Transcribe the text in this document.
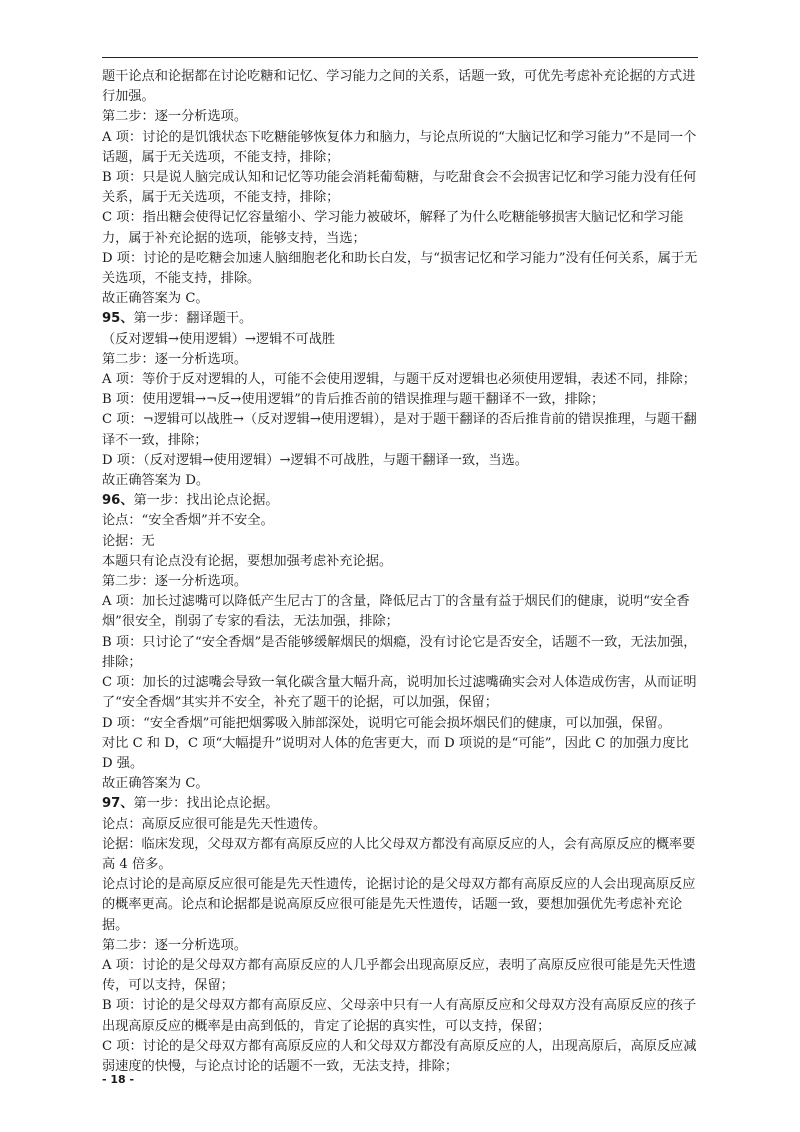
题干论点和论据都在讨论吃糖和记忆、学习能力之间的关系，话题一致，可优先考虑补充论据的方式进行加强。

第二步：逐一分析选项。

A 项：讨论的是饥饿状态下吃糖能够恢复体力和脑力，与论点所说的“大脑记忆和学习能力”不是同一个话题，属于无关选项，不能支持，排除；

B 项：只是说人脑完成认知和记忆等功能会消耗葡萄糖，与吃甜食会不会损害记忆和学习能力没有任何关系，属于无关选项，不能支持，排除；

C 项：指出糖会使得记忆容量缩小、学习能力被破坏，解释了为什么吃糖能够损害大脑记忆和学习能力，属于补充论据的选项，能够支持，当选；

D 项：讨论的是吃糖会加速人脑细胞老化和助长白发，与“损害记忆和学习能力”没有任何关系，属于无关选项，不能支持，排除。

故正确答案为 C。

95、第一步：翻译题干。

（反对逻辑→使用逻辑）→逻辑不可战胜

第二步：逐一分析选项。

A 项：等价于反对逻辑的人，可能不会使用逻辑，与题干反对逻辑也必须使用逻辑，表述不同，排除；

B 项：使用逻辑→¬反→使用逻辑”的肯后推否前的错误推理与题干翻译不一致，排除；

C 项：¬逻辑可以战胜→（反对逻辑→使用逻辑），是对于题干翻译的否后推肯前的错误推理，与题干翻译不一致，排除；

D 项：（反对逻辑→使用逻辑）→逻辑不可战胜，与题干翻译一致，当选。

故正确答案为 D。

96、第一步：找出论点论据。

论点：“安全香烟”并不安全。

论据：无

本题只有论点没有论据，要想加强考虑补充论据。

第二步：逐一分析选项。

A 项：加长过滤嘴可以降低产生尼古丁的含量，降低尼古丁的含量有益于烟民们的健康，说明“安全香烟”很安全，削弱了专家的看法，无法加强，排除；

B 项：只讨论了“安全香烟”是否能够缓解烟民的烟瘾，没有讨论它是否安全，话题不一致，无法加强，排除；

C 项：加长的过滤嘴会导致一氧化碳含量大幅升高，说明加长过滤嘴确实会对人体造成伤害，从而证明了“安全香烟”其实并不安全，补充了题干的论据，可以加强，保留；

D 项：“安全香烟”可能把烟雾吸入肺部深处，说明它可能会损坏烟民们的健康，可以加强，保留。

对比 C 和 D，C 项“大幅提升”说明对人体的危害更大，而 D 项说的是“可能”，因此 C 的加强力度比 D 强。

故正确答案为 C。

97、第一步：找出论点论据。

论点：高原反应很可能是先天性遗传。

论据：临床发现，父母双方都有高原反应的人比父母双方都没有高原反应的人，会有高原反应的概率要高 4 倍多。

论点讨论的是高原反应很可能是先天性遗传，论据讨论的是父母双方都有高原反应的人会出现高原反应的概率更高。论点和论据都是说高原反应很可能是先天性遗传，话题一致，要想加强优先考虑补充论据。

第二步：逐一分析选项。

A 项：讨论的是父母双方都有高原反应的人几乎都会出现高原反应，表明了高原反应很可能是先天性遗传，可以支持，保留；

B 项：讨论的是父母双方都有高原反应、父母亲中只有一人有高原反应和父母双方没有高原反应的孩子出现高原反应的概率是由高到低的，肯定了论据的真实性，可以支持，保留；

C 项：讨论的是父母双方都有高原反应的人和父母双方都没有高原反应的人，出现高原后，高原反应减弱速度的快慢，与论点讨论的话题不一致，无法支持，排除；

- 18 -
